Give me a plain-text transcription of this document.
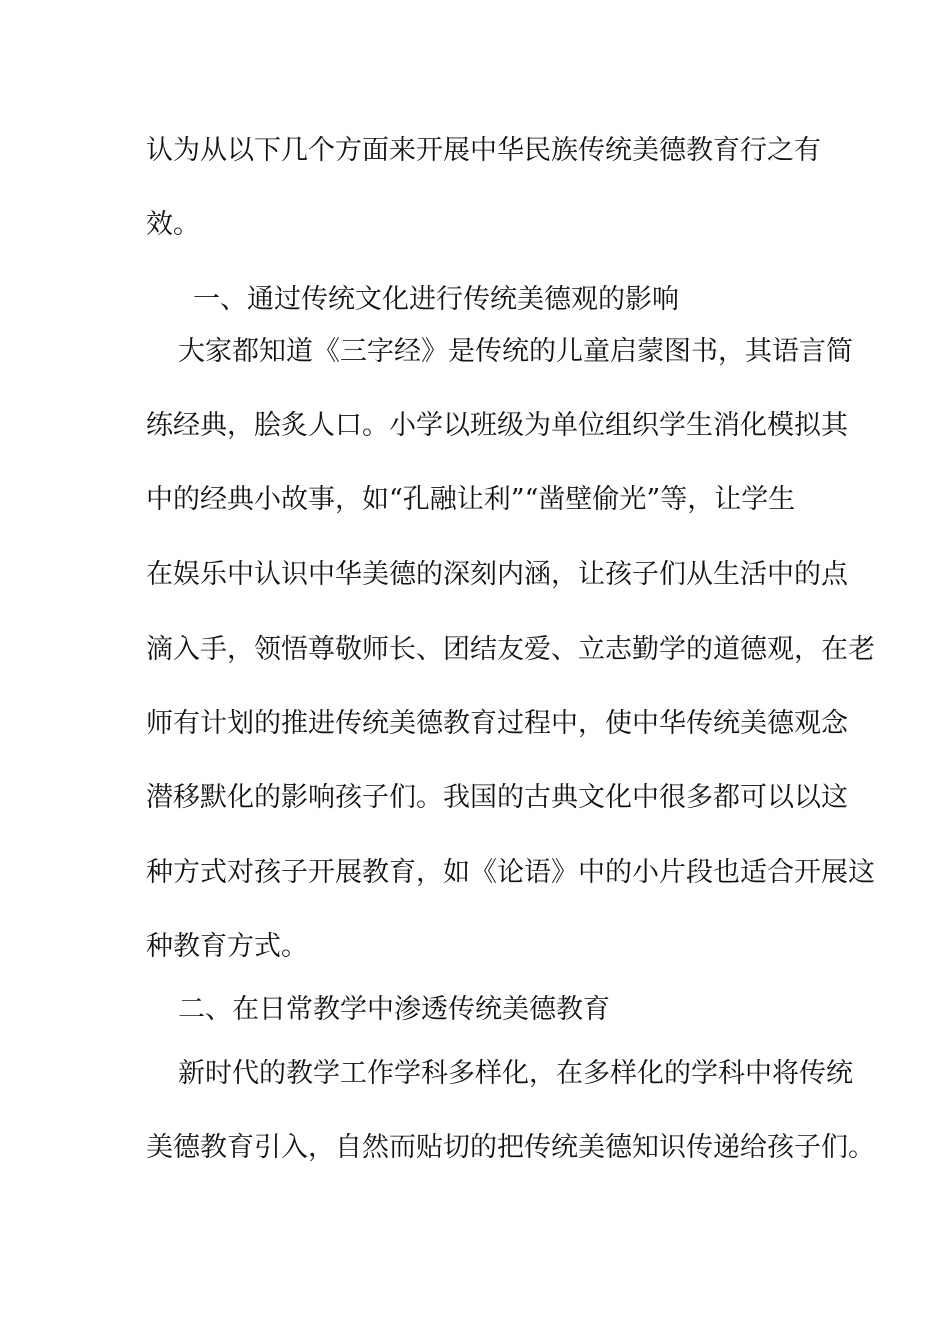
认为从以下几个方面来开展中华民族传统美德教育行之有
效。
一、通过传统文化进行传统美德观的影响
大家都知道《三字经》是传统的儿童启蒙图书，其语言简
练经典，脍炙人口。小学以班级为单位组织学生消化模拟其
中的经典小故事，如“孔融让利”“凿壁偷光”等，让学生
在娱乐中认识中华美德的深刻内涵，让孩子们从生活中的点
滴入手，领悟尊敬师长、团结友爱、立志勤学的道德观，在老
师有计划的推进传统美德教育过程中，使中华传统美德观念
潜移默化的影响孩子们。我国的古典文化中很多都可以以这
种方式对孩子开展教育，如《论语》中的小片段也适合开展这
种教育方式。
二、在日常教学中渗透传统美德教育
新时代的教学工作学科多样化，在多样化的学科中将传统
美德教育引入，自然而贴切的把传统美德知识传递给孩子们。
